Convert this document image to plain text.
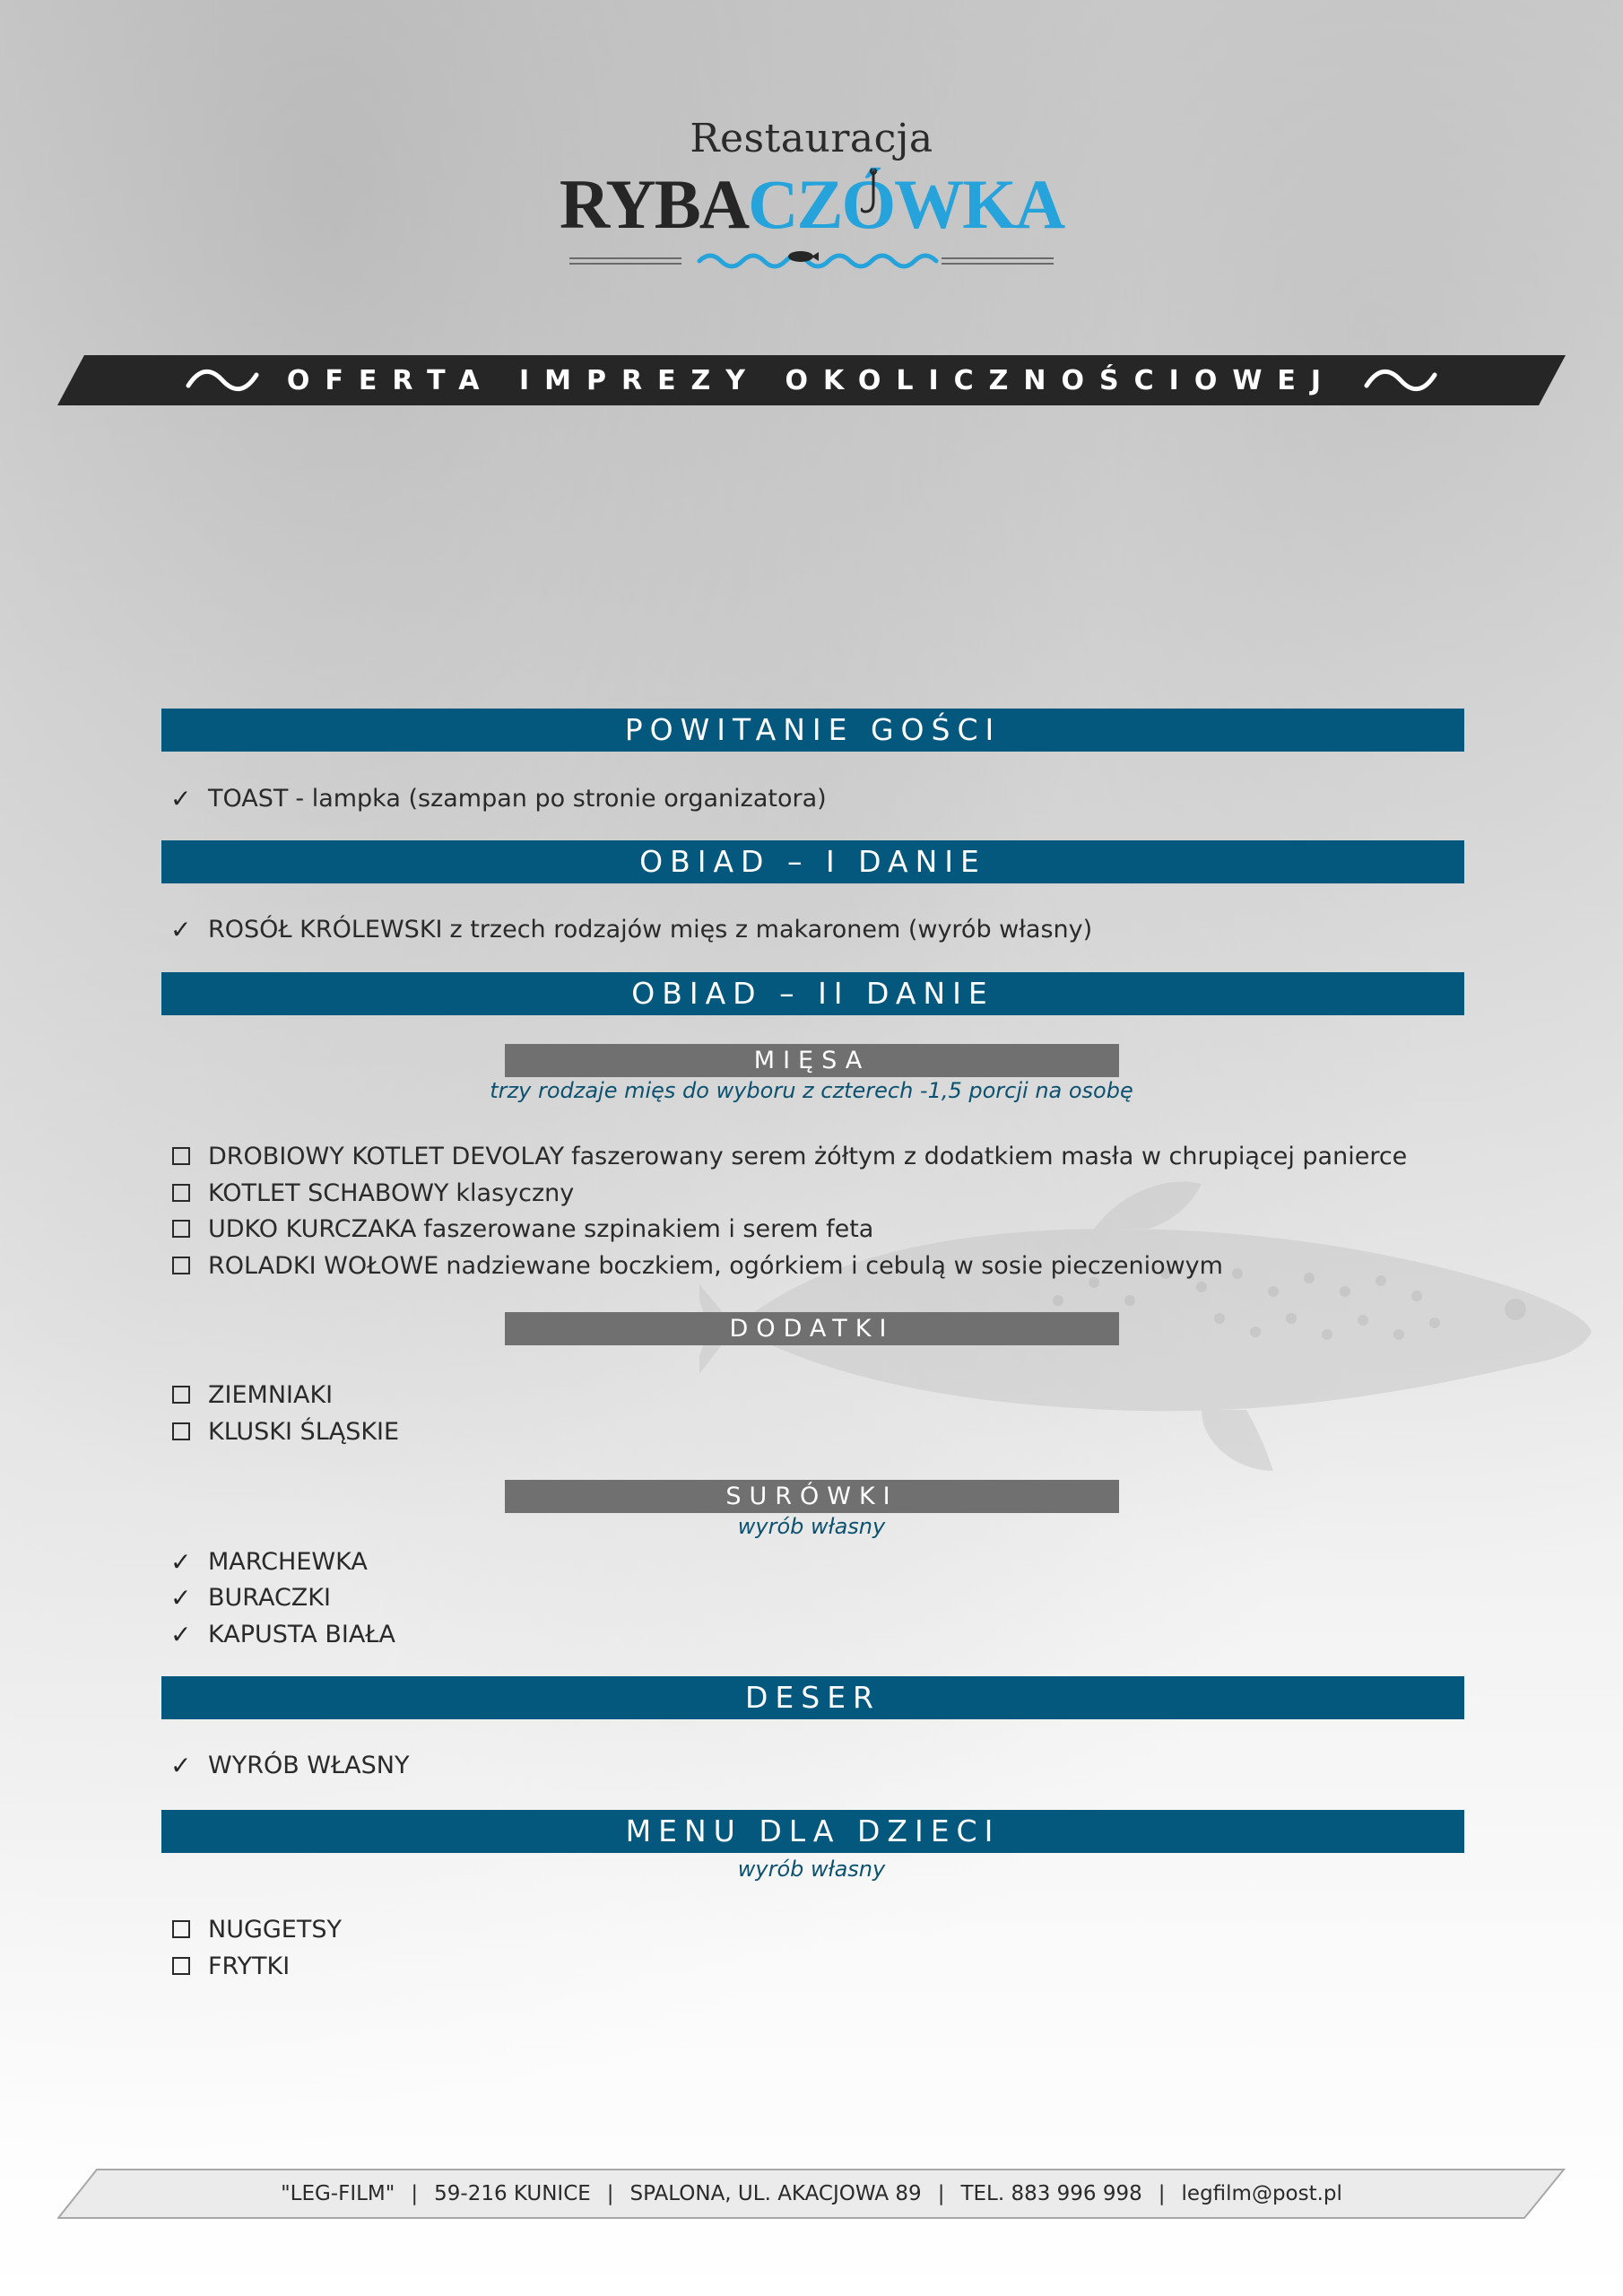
Restauracja
RYBACZÓWKA
OFERTA IMPREZY OKOLICZNOŚCIOWEJ
POWITANIE GOŚCI
✓ TOAST - lampka (szampan po stronie organizatora)
OBIAD – I DANIE
✓ ROSÓŁ KRÓLEWSKI z trzech rodzajów mięs z makaronem (wyrób własny)
OBIAD – II DANIE
MIĘSA
trzy rodzaje mięs do wyboru z czterech -1,5 porcji na osobę
DROBIOWY KOTLET DEVOLAY faszerowany serem żółtym z dodatkiem masła w chrupiącej panierce
KOTLET SCHABOWY klasyczny
UDKO KURCZAKA faszerowane szpinakiem i serem feta
ROLADKI WOŁOWE nadziewane boczkiem, ogórkiem i cebulą w sosie pieczeniowym
DODATKI
ZIEMNIAKI
KLUSKI ŚLĄSKIE
SURÓWKI
wyrób własny
✓ MARCHEWKA
✓ BURACZKI
✓ KAPUSTA BIAŁA
DESER
✓ WYRÓB WŁASNY
MENU DLA DZIECI
wyrób własny
NUGGETSY
FRYTKI
"LEG-FILM" | 59-216 KUNICE | SPALONA, UL. AKACJOWA 89 | TEL. 883 996 998 | legfilm@post.pl
